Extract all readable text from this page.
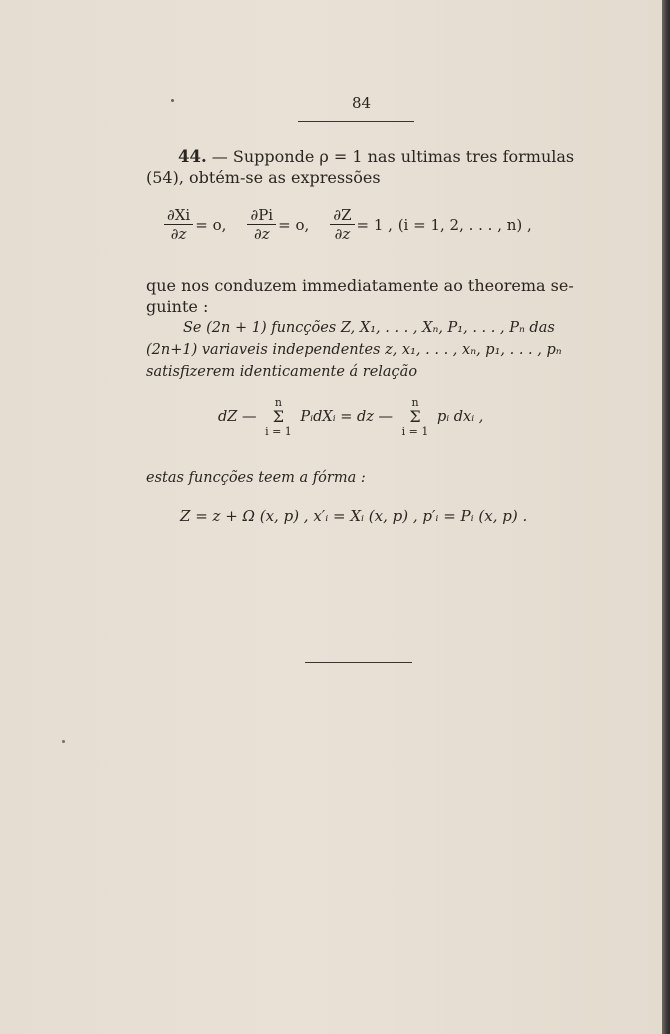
84
44. — Supponde ρ = 1 nas ultimas tres formulas
(54), obtém-se as expressões
$\frac{\partial Xi}{\partial z} = o$, $\frac{\partial Pi}{\partial z} = o$, $\frac{\partial Z}{\partial z} = 1$ , (i = 1, 2, . . . , n) ,
que nos conduzem immediatamente ao theorema se-
guinte :
Se (2n + 1) funcções Z, X₁, . . . , Xₙ, P₁, . . . , Pₙ das
(2n+1) variaveis independentes z, x₁, . . . , xₙ, p₁, . . . , pₙ
satisfizerem identicamente á relação
dZ —
n
Σ
i = 1
PᵢdXᵢ = dz —
n
Σ
i = 1
pᵢ dxᵢ ,
estas funcções teem a fórma :
Z = z + Ω (x, p) , x′ᵢ = Xᵢ (x, p) , p′ᵢ = Pᵢ (x, p) .
